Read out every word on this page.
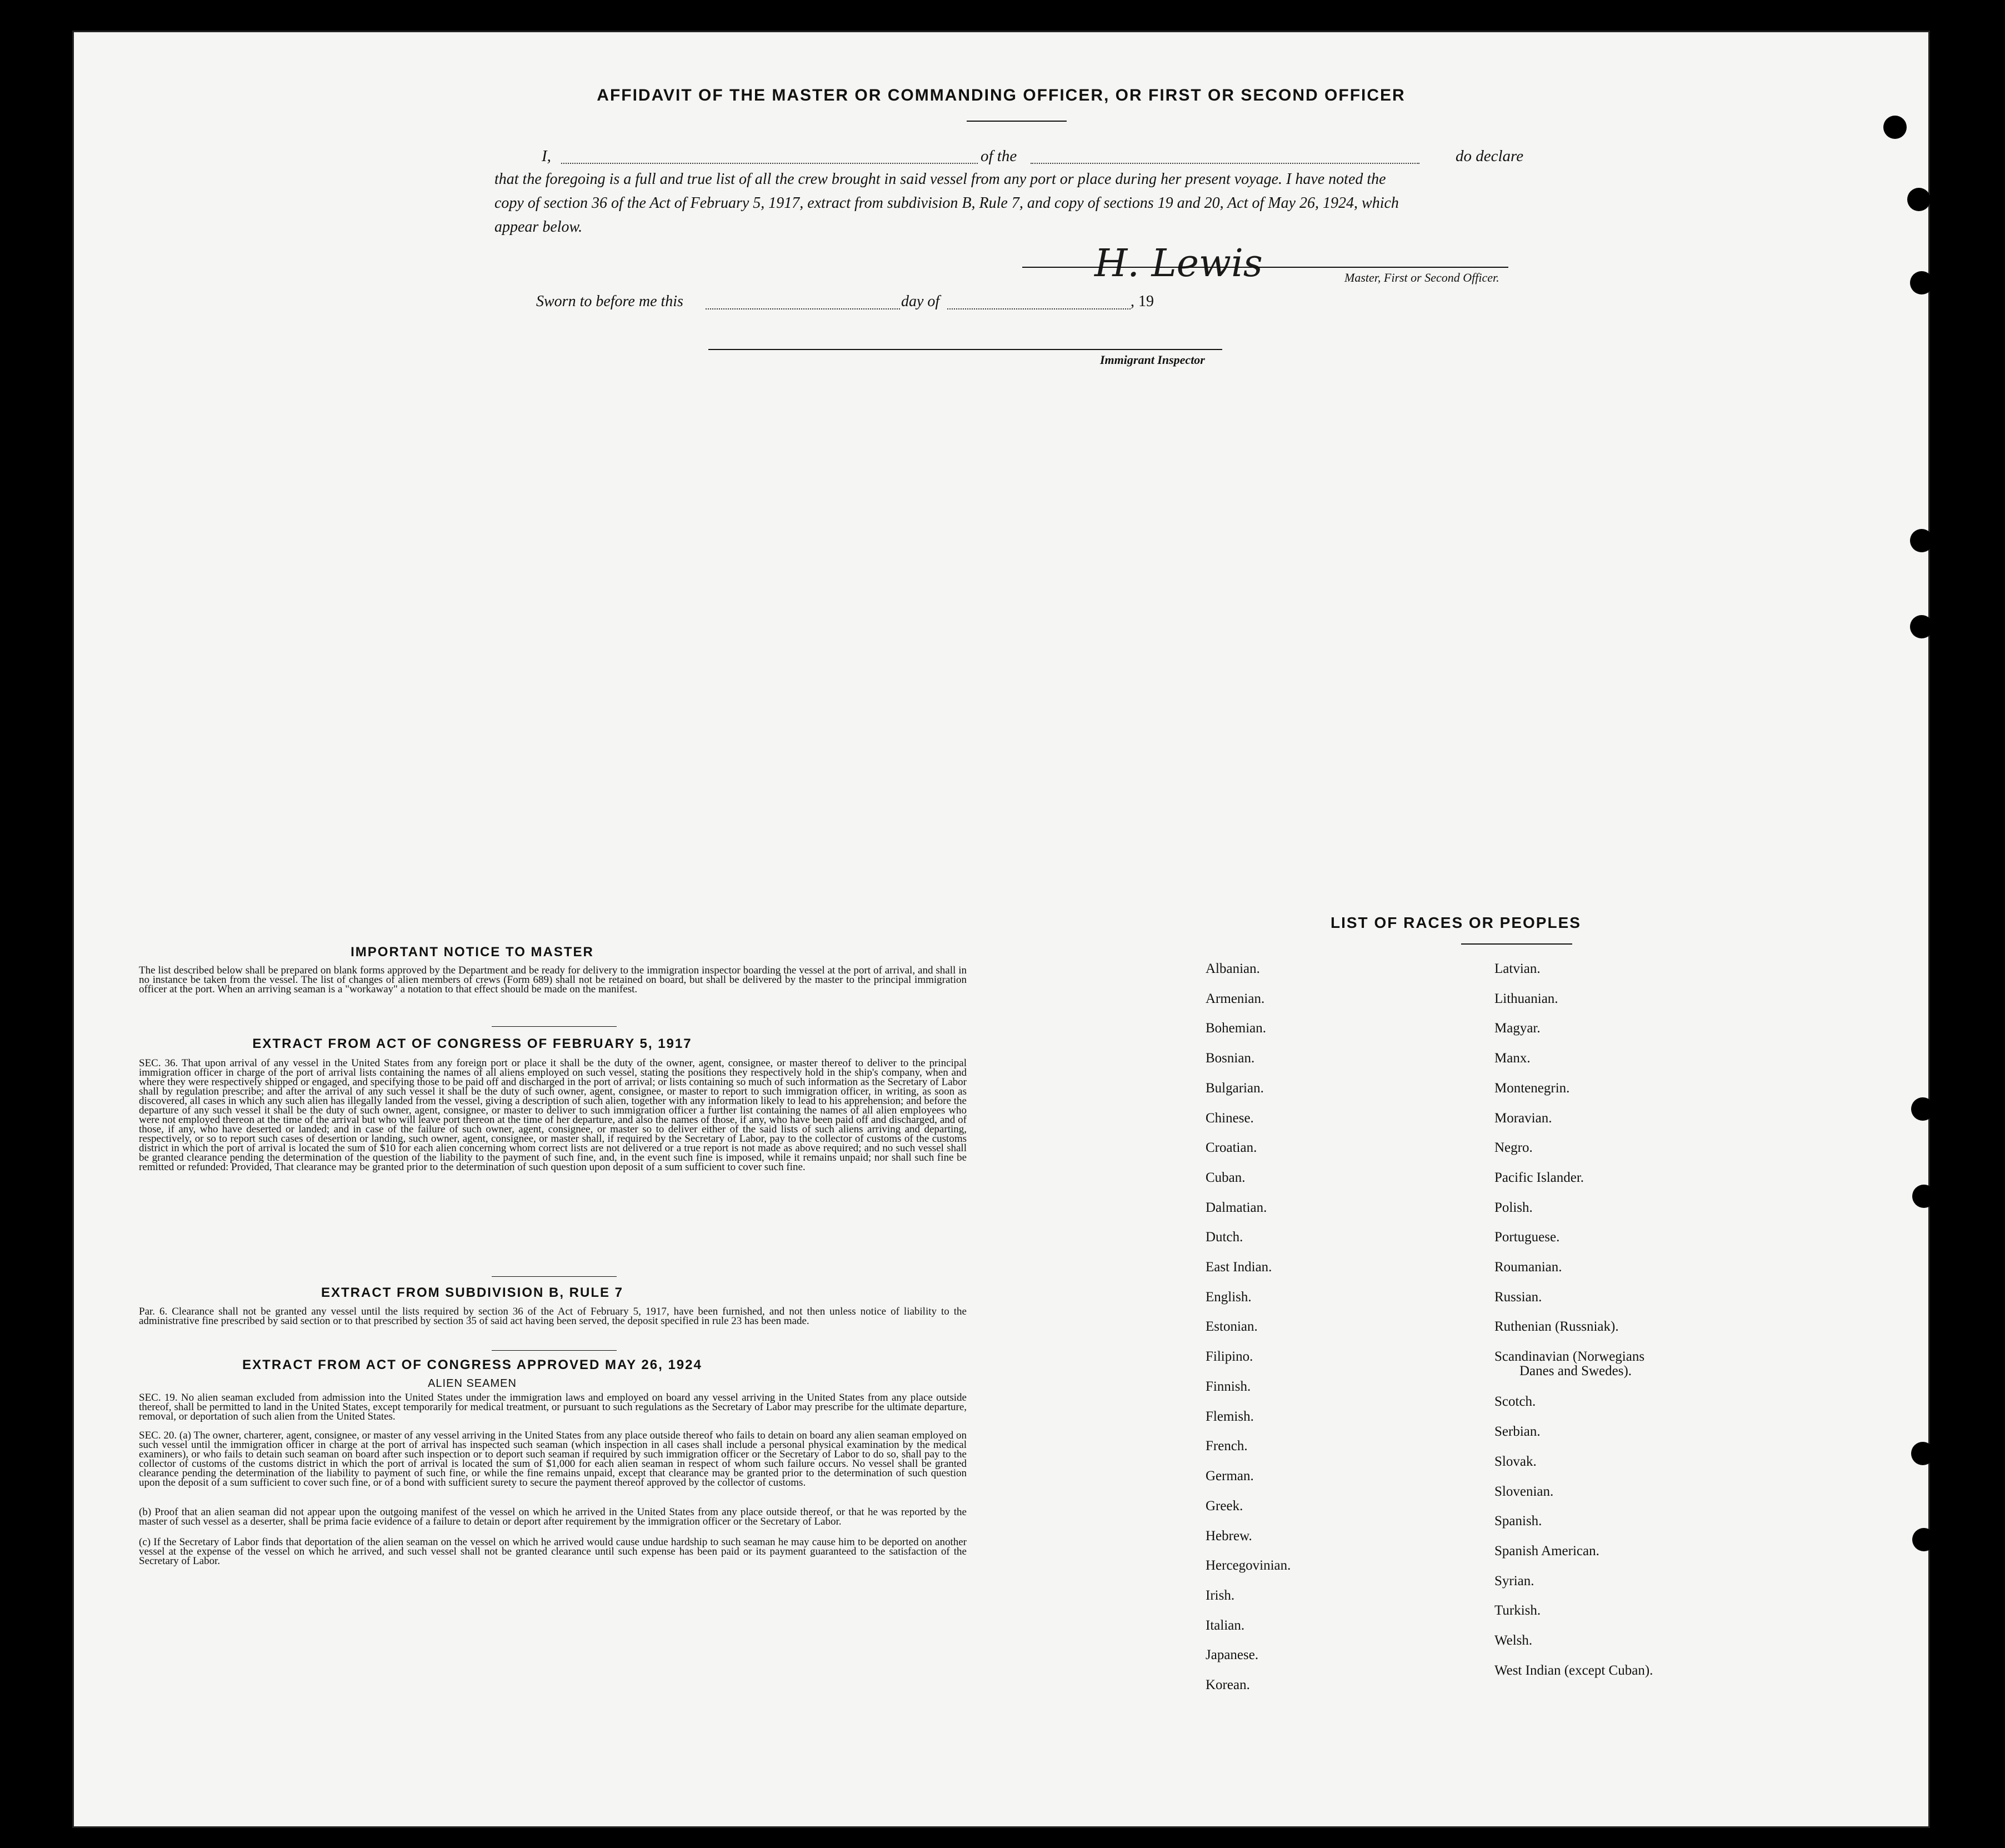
AFFIDAVIT OF THE MASTER OR COMMANDING OFFICER, OR FIRST OR SECOND OFFICER
I,	of the	do declare
that the foregoing is a full and true list of all the crew brought in said vessel from any port or place during her present voyage. I have noted the
copy of section 36 of the Act of February 5, 1917, extract from subdivision B, Rule 7, and copy of sections 19 and 20, Act of May 26, 1924, which
appear below.
H. Lewis	Master, First or Second Officer.
Sworn to before me this	day of	, 19
Immigrant Inspector
IMPORTANT NOTICE TO MASTER
The list described below shall be prepared on blank forms approved by the Department and be ready for delivery to the immigration inspector boarding the vessel at the port of arrival, and shall in no instance be taken from the vessel. The list of changes of alien members of crews (Form 689) shall not be retained on board, but shall be delivered by the master to the principal immigration officer at the port. When an arriving seaman is a "workaway" a notation to that effect should be made on the manifest.
EXTRACT FROM ACT OF CONGRESS OF FEBRUARY 5, 1917
SEC. 36. That upon arrival of any vessel in the United States from any foreign port or place it shall be the duty of the owner, agent, consignee, or master thereof to deliver to the principal immigration officer in charge of the port of arrival lists containing the names of all aliens employed on such vessel, stating the positions they respectively hold in the ship's company, when and where they were respectively shipped or engaged, and specifying those to be paid off and discharged in the port of arrival; or lists containing so much of such information as the Secretary of Labor shall by regulation prescribe; and after the arrival of any such vessel it shall be the duty of such owner, agent, consignee, or master to report to such immigration officer, in writing, as soon as discovered, all cases in which any such alien has illegally landed from the vessel, giving a description of such alien, together with any information likely to lead to his apprehension; and before the departure of any such vessel it shall be the duty of such owner, agent, consignee, or master to deliver to such immigration officer a further list containing the names of all alien employees who were not employed thereon at the time of the arrival but who will leave port thereon at the time of her departure, and also the names of those, if any, who have been paid off and discharged, and of those, if any, who have deserted or landed; and in case of the failure of such owner, agent, consignee, or master so to deliver either of the said lists of such aliens arriving and departing, respectively, or so to report such cases of desertion or landing, such owner, agent, consignee, or master shall, if required by the Secretary of Labor, pay to the collector of customs of the customs district in which the port of arrival is located the sum of $10 for each alien concerning whom correct lists are not delivered or a true report is not made as above required; and no such vessel shall be granted clearance pending the determination of the question of the liability to the payment of such fine, and, in the event such fine is imposed, while it remains unpaid; nor shall such fine be remitted or refunded: Provided, That clearance may be granted prior to the determination of such question upon deposit of a sum sufficient to cover such fine.
EXTRACT FROM SUBDIVISION B, RULE 7
Par. 6. Clearance shall not be granted any vessel until the lists required by section 36 of the Act of February 5, 1917, have been furnished, and not then unless notice of liability to the administrative fine prescribed by said section or to that prescribed by section 35 of said act having been served, the deposit specified in rule 23 has been made.
EXTRACT FROM ACT OF CONGRESS APPROVED MAY 26, 1924
ALIEN SEAMEN
SEC. 19. No alien seaman excluded from admission into the United States under the immigration laws and employed on board any vessel arriving in the United States from any place outside thereof, shall be permitted to land in the United States, except temporarily for medical treatment, or pursuant to such regulations as the Secretary of Labor may prescribe for the ultimate departure, removal, or deportation of such alien from the United States.
SEC. 20. (a) The owner, charterer, agent, consignee, or master of any vessel arriving in the United States from any place outside thereof who fails to detain on board any alien seaman employed on such vessel until the immigration officer in charge at the port of arrival has inspected such seaman (which inspection in all cases shall include a personal physical examination by the medical examiners), or who fails to detain such seaman on board after such inspection or to deport such seaman if required by such immigration officer or the Secretary of Labor to do so, shall pay to the collector of customs of the customs district in which the port of arrival is located the sum of $1,000 for each alien seaman in respect of whom such failure occurs. No vessel shall be granted clearance pending the determination of the liability to payment of such fine, or while the fine remains unpaid, except that clearance may be granted prior to the determination of such question upon the deposit of a sum sufficient to cover such fine, or of a bond with sufficient surety to secure the payment thereof approved by the collector of customs.
(b) Proof that an alien seaman did not appear upon the outgoing manifest of the vessel on which he arrived in the United States from any place outside thereof, or that he was reported by the master of such vessel as a deserter, shall be prima facie evidence of a failure to detain or deport after requirement by the immigration officer or the Secretary of Labor.
(c) If the Secretary of Labor finds that deportation of the alien seaman on the vessel on which he arrived would cause undue hardship to such seaman he may cause him to be deported on another vessel at the expense of the vessel on which he arrived, and such vessel shall not be granted clearance until such expense has been paid or its payment guaranteed to the satisfaction of the Secretary of Labor.
LIST OF RACES OR PEOPLES
Albanian.
Armenian.
Bohemian.
Bosnian.
Bulgarian.
Chinese.
Croatian.
Cuban.
Dalmatian.
Dutch.
East Indian.
English.
Estonian.
Filipino.
Finnish.
Flemish.
French.
German.
Greek.
Hebrew.
Hercegovinian.
Irish.
Italian.
Japanese.
Korean.
Latvian.
Lithuanian.
Magyar.
Manx.
Montenegrin.
Moravian.
Negro.
Pacific Islander.
Polish.
Portuguese.
Roumanian.
Russian.
Ruthenian (Russniak).
Scandinavian (Norwegians
Danes and Swedes).
Scotch.
Serbian.
Slovak.
Slovenian.
Spanish.
Spanish American.
Syrian.
Turkish.
Welsh.
West Indian (except Cuban).
